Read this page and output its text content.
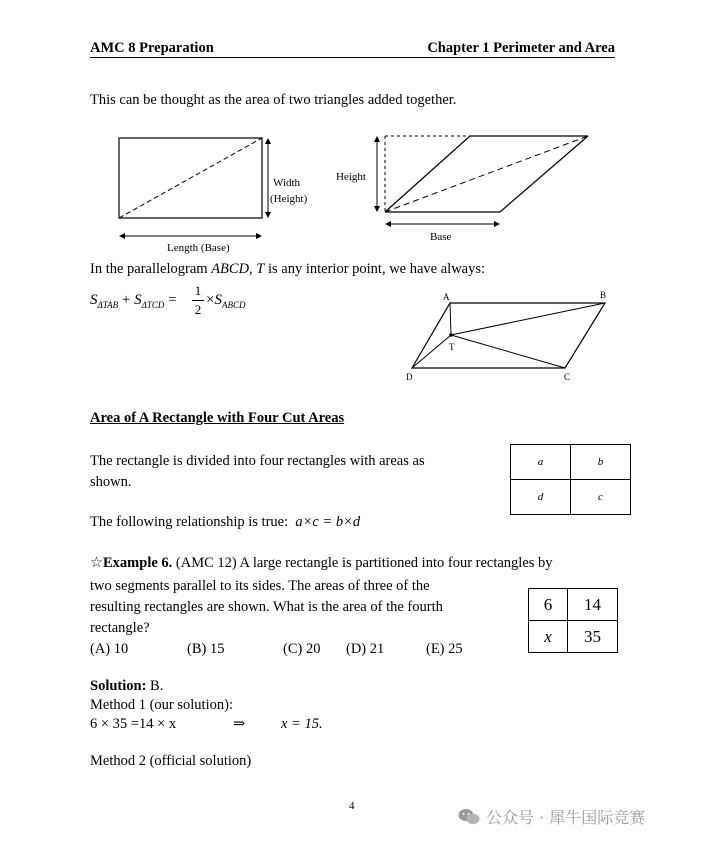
AMC 8 Preparation	Chapter 1 Perimeter and Area
This can be thought as the area of two triangles added together.
Width
(Height)
Length (Base)
Height
Base
In the parallelogram ABCD, T is any interior point, we have always:
$S_{\Delta TAB} + S_{\Delta TCD}$ =
1
2
$\times S_{ABCD}$
A	B
C
D
T
Area of A Rectangle with Four Cut Areas
The rectangle is divided into four rectangles with areas as
shown.
a	b
d	c
The following relationship is true: a×c = b×d
☆Example 6. (AMC 12) A large rectangle is partitioned into four rectangles by
two segments parallel to its sides. The areas of three of the
resulting rectangles are shown. What is the area of the fourth
rectangle?
(A) 10	(B) 15	(C) 20 (D) 21	(E) 25
6	14
x	35
Solution: B.
Method 1 (our solution):
6 × 35 =14 × x	⇒ x = 15.
Method 2 (official solution)
4
公众号 · 犀牛国际竞赛
